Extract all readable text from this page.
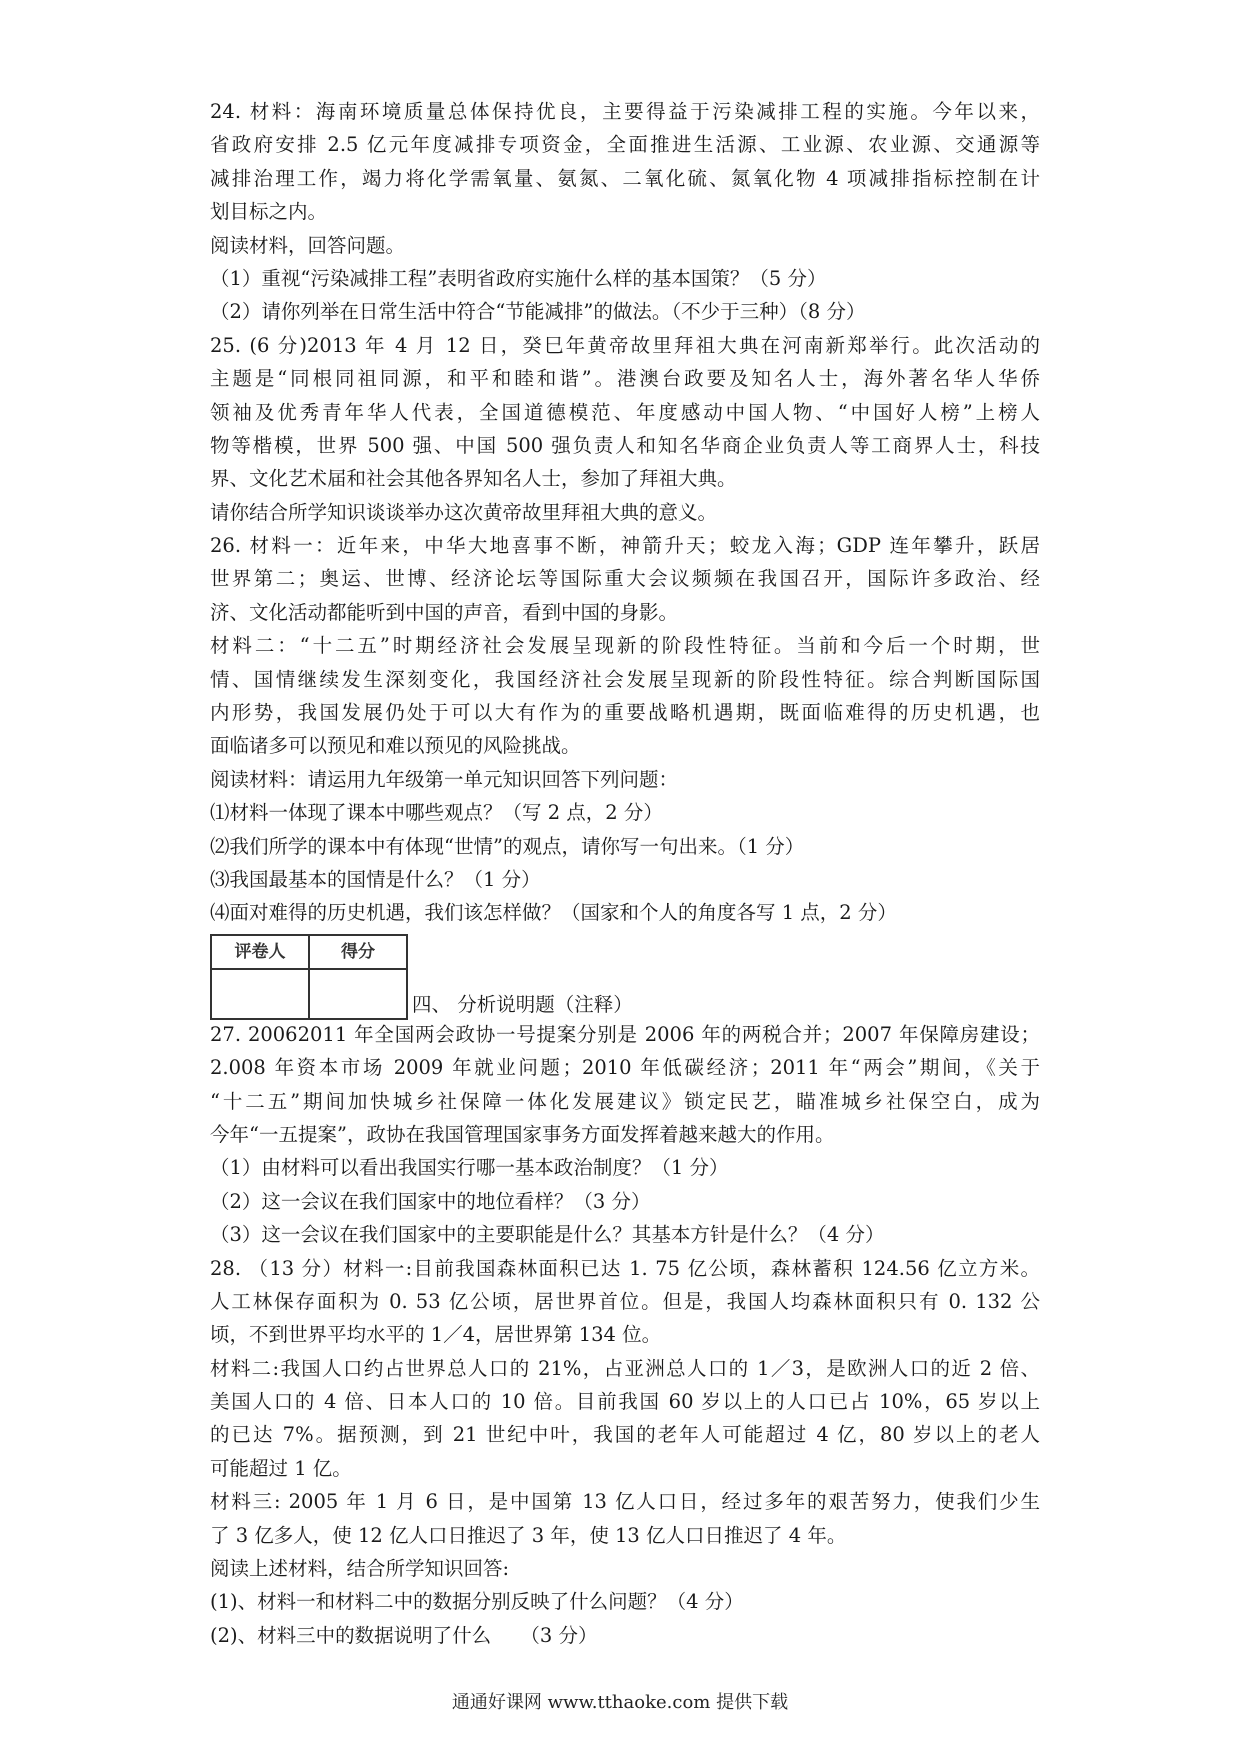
24. 材料：海南环境质量总体保持优良，主要得益于污染减排工程的实施。今年以来，
省政府安排 2.5 亿元年度减排专项资金，全面推进生活源、工业源、农业源、交通源等
减排治理工作，竭力将化学需氧量、氨氮、二氧化硫、氮氧化物 4 项减排指标控制在计
划目标之内。
阅读材料，回答问题。
（1）重视“污染减排工程”表明省政府实施什么样的基本国策？（5 分）
（2）请你列举在日常生活中符合“节能减排”的做法。（不少于三种）（8 分）
25. (6 分)2013 年 4 月 12 日，癸巳年黄帝故里拜祖大典在河南新郑举行。此次活动的
主题是“同根同祖同源，和平和睦和谐”。港澳台政要及知名人士，海外著名华人华侨
领袖及优秀青年华人代表，全国道德模范、年度感动中国人物、“中国好人榜”上榜人
物等楷模，世界 500 强、中国 500 强负责人和知名华商企业负责人等工商界人士，科技
界、文化艺术届和社会其他各界知名人士，参加了拜祖大典。
请你结合所学知识谈谈举办这次黄帝故里拜祖大典的意义。
26. 材料一：近年来，中华大地喜事不断，神箭升天；蛟龙入海；GDP 连年攀升，跃居
世界第二；奥运、世博、经济论坛等国际重大会议频频在我国召开，国际许多政治、经
济、文化活动都能听到中国的声音，看到中国的身影。
材料二：“十二五”时期经济社会发展呈现新的阶段性特征。当前和今后一个时期，世
情、国情继续发生深刻变化，我国经济社会发展呈现新的阶段性特征。综合判断国际国
内形势，我国发展仍处于可以大有作为的重要战略机遇期，既面临难得的历史机遇，也
面临诸多可以预见和难以预见的风险挑战。
阅读材料：请运用九年级第一单元知识回答下列问题：
⑴材料一体现了课本中哪些观点？（写 2 点，2 分）
⑵我们所学的课本中有体现“世情”的观点，请你写一句出来。（1 分）
⑶我国最基本的国情是什么？（1 分）
⑷面对难得的历史机遇，我们该怎样做？（国家和个人的角度各写 1 点，2 分）
评卷人	得分

四、 分析说明题（注释）
27. 20062011 年全国两会政协一号提案分别是 2006 年的两税合并；2007 年保障房建设；
2.008 年资本市场 2009 年就业问题；2010 年低碳经济；2011 年“两会”期间，《关于
“十二五”期间加快城乡社保障一体化发展建议》锁定民艺，瞄准城乡社保空白，成为
今年“一五提案”，政协在我国管理国家事务方面发挥着越来越大的作用。
（1）由材料可以看出我国实行哪一基本政治制度？（1 分）
（2）这一会议在我们国家中的地位看样？（3 分）
（3）这一会议在我们国家中的主要职能是什么？其基本方针是什么？（4 分）
28. （13 分）材料一:目前我国森林面积已达 1. 75 亿公顷，森林蓄积 124.56 亿立方米。
人工林保存面积为 0. 53 亿公顷，居世界首位。但是，我国人均森林面积只有 0. 132 公
顷，不到世界平均水平的 1／4，居世界第 134 位。
材料二:我国人口约占世界总人口的 21%，占亚洲总人口的 1／3，是欧洲人口的近 2 倍、
美国人口的 4 倍、日本人口的 10 倍。目前我国 60 岁以上的人口已占 10%，65 岁以上
的已达 7%。据预测，到 21 世纪中叶，我国的老年人可能超过 4 亿，80 岁以上的老人
可能超过 1 亿。
材料三: 2005 年 1 月 6 日，是中国第 13 亿人口日，经过多年的艰苦努力，使我们少生
了 3 亿多人，使 12 亿人口日推迟了 3 年，使 13 亿人口日推迟了 4 年。
阅读上述材料，结合所学知识回答:
(1)、材料一和材料二中的数据分别反映了什么问题？（4 分）
(2)、材料三中的数据说明了什么　　（3 分）
通通好课网 www.tthaoke.com 提供下载
